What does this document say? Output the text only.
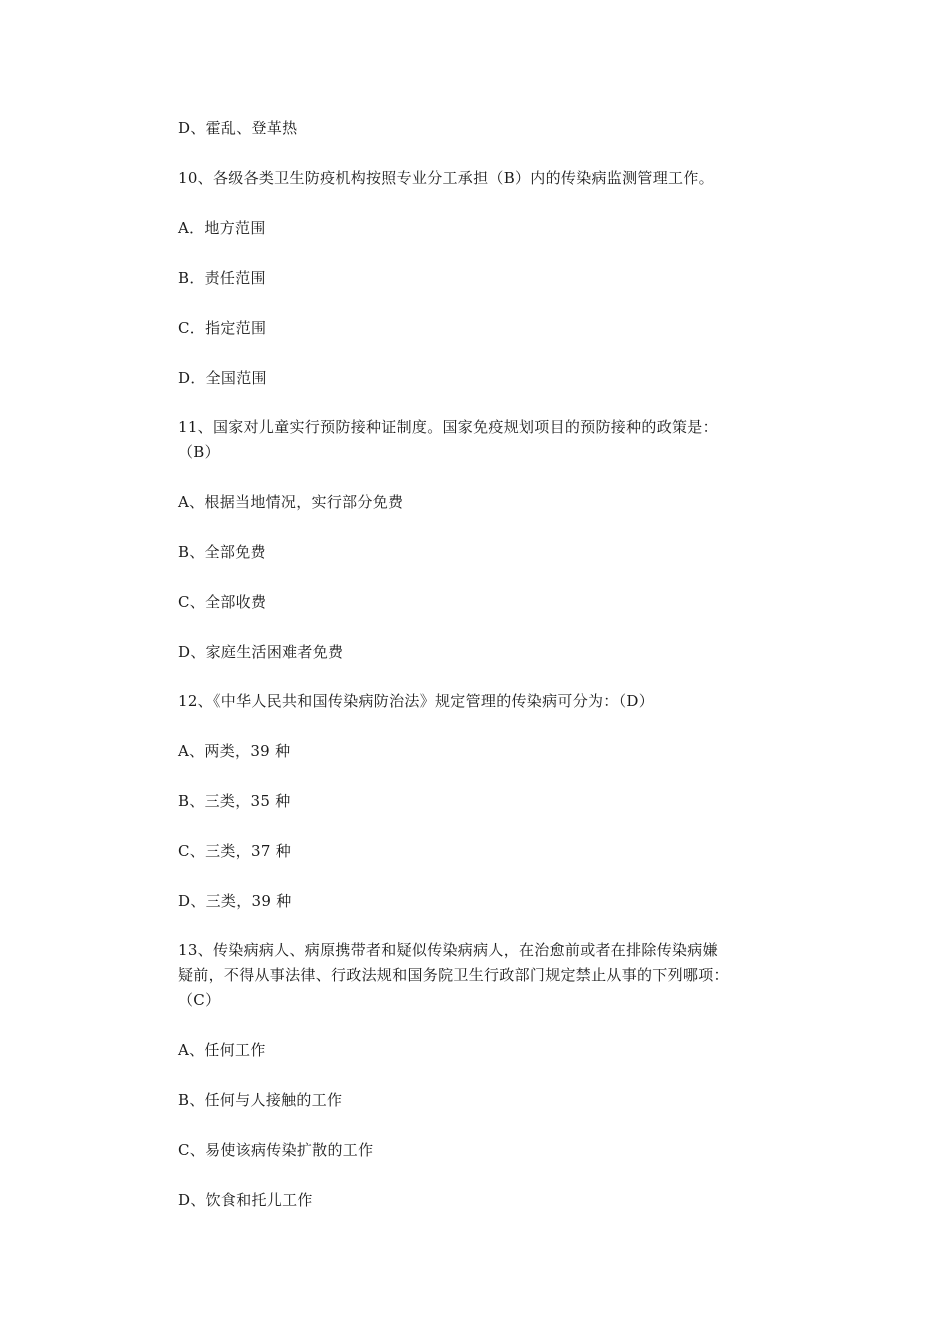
D、霍乱、登革热
10、各级各类卫生防疫机构按照专业分工承担（B）内的传染病监测管理工作。
A．地方范围
B．责任范围
C．指定范围
D．全国范围
11、国家对儿童实行预防接种证制度。国家免疫规划项目的预防接种的政策是：
（B）
A、根据当地情况，实行部分免费
B、全部免费
C、全部收费
D、家庭生活困难者免费
12、《中华人民共和国传染病防治法》规定管理的传染病可分为：（D）
A、两类，39 种
B、三类，35 种
C、三类，37 种
D、三类，39 种
13、传染病病人、病原携带者和疑似传染病病人，在治愈前或者在排除传染病嫌
疑前，不得从事法律、行政法规和国务院卫生行政部门规定禁止从事的下列哪项：
（C）
A、任何工作
B、任何与人接触的工作
C、易使该病传染扩散的工作
D、饮食和托儿工作
